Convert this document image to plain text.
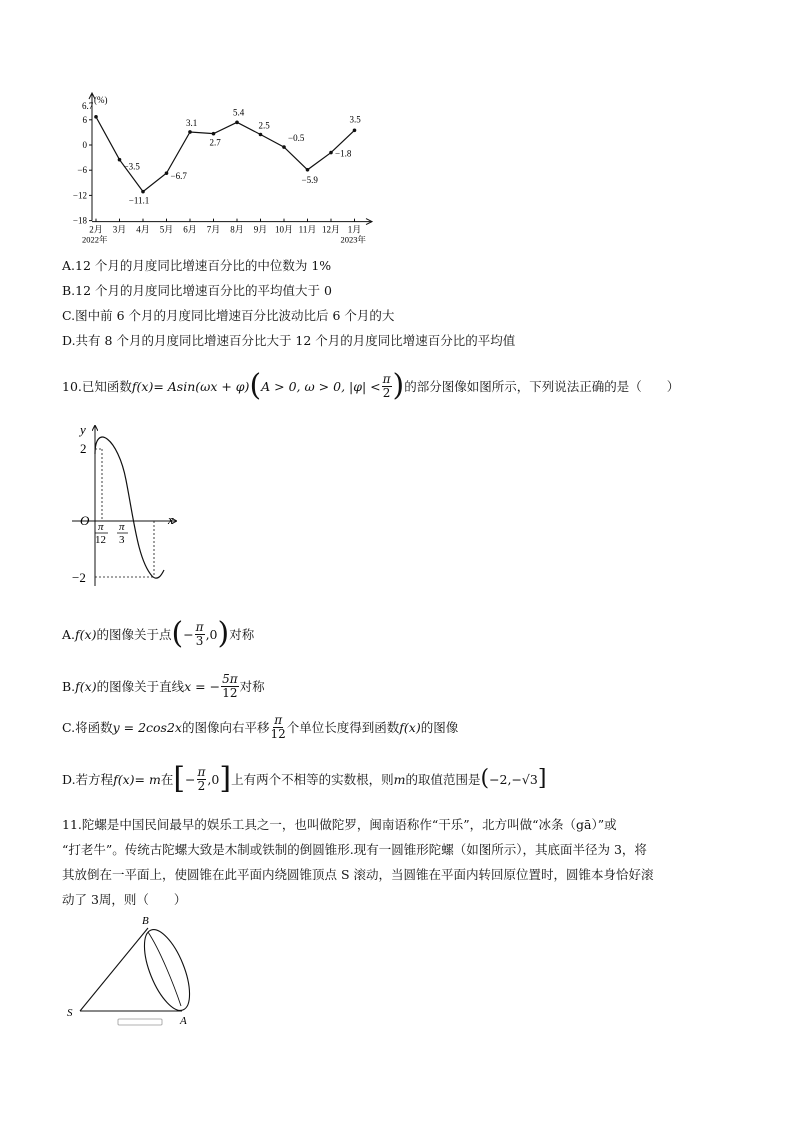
(%)
6
0
−6
−12
−18
2月 3月 4月 5月 6月 7月 8月 9月 10月 11月 12月 1月
2022年	2023年
6.7
−3.5
−11.1
−6.7
3.1
2.7
5.4
2.5
−0.5
−5.9
−1.8
3.5
A.12 个月的月度同比增速百分比的中位数为 1%
B.12 个月的月度同比增速百分比的平均值大于 0
C.图中前 6 个月的月度同比增速百分比波动比后 6 个月的大
D.共有 8 个月的月度同比增速百分比大于 12 个月的月度同比增速百分比的平均值
10.已知函数 f(x) = Asin(ωx + φ) ( A > 0, ω > 0, $|\varphi| < \frac{\pi}{2}$ ) 的部分图像如图所示，下列说法正确的是（　　）
y
x
O
2
−2
π
12
π
3
A. f(x) 的图像关于点 ( − $\frac{\pi}{3} ,0$ ) 对称
B. f(x) 的图像关于直线 x = − $\frac{5\pi}{12}$ 对称
C.将函数 y = 2cos2x 的图像向右平移 $\frac{\pi}{12}$ 个单位长度得到函数 f(x) 的图像
D.若方程 f(x) = m 在 [ − $\frac{\pi}{2} ,0$ ] 上有两个不相等的实数根，则 m 的取值范围是 ( −2,−√3 ]
11.陀螺是中国民间最早的娱乐工具之一，也叫做陀罗，闽南语称作“干乐”，北方叫做“冰条（gā）”或
“打老牛”。传统古陀螺大致是木制或铁制的倒圆锥形.现有一圆锥形陀螺（如图所示），其底面半径为 3，将
其放倒在一平面上，使圆锥在此平面内绕圆锥顶点 S 滚动，当圆锥在平面内转回原位置时，圆锥本身恰好滚
动了 3周，则（　　）
B
S
A
